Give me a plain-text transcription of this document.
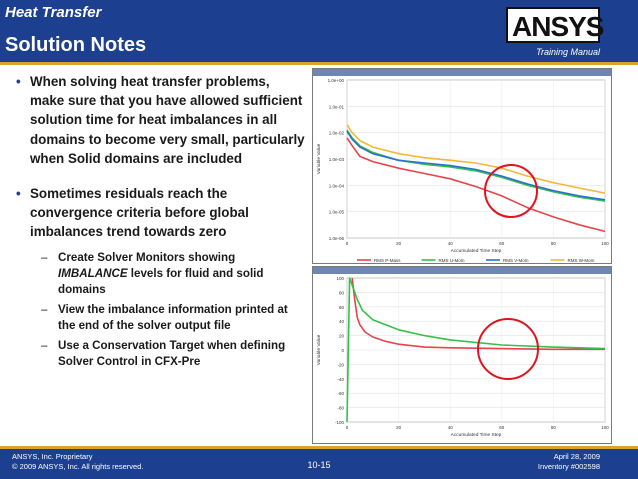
Heat Transfer
Solution Notes
ANSYS
Training Manual
• When solving heat transfer problems, make sure that you have allowed sufficient solution time for heat imbalances in all domains to become very small, particularly when Solid domains are included
• Sometimes residuals reach the convergence criteria before global imbalances trend towards zero
– Create Solver Monitors showing IMBALANCE levels for fluid and solid domains
– View the imbalance information printed at the end of the solver output file
– Use a Conservation Target when defining Solver Control in CFX-Pre
1.0e+00
1.0e-01
1.0e-02
1.0e-03
1.0e-04
1.0e-05
1.0e-06
0	20	40	60	80	100
Accumulated Time Step
Variable Value
RMS P-Mass	RMS U-Mom	RMS V-Mom	RMS W-Mom
100
80
60
40
20
0
-20
-40
-60
-80
-100
0	20	40	60	80	100
Accumulated Time Step
Variable Value
ANSYS, Inc. Proprietary
© 2009 ANSYS, Inc. All rights reserved.	10-15
April 28, 2009
Inventory #002598
